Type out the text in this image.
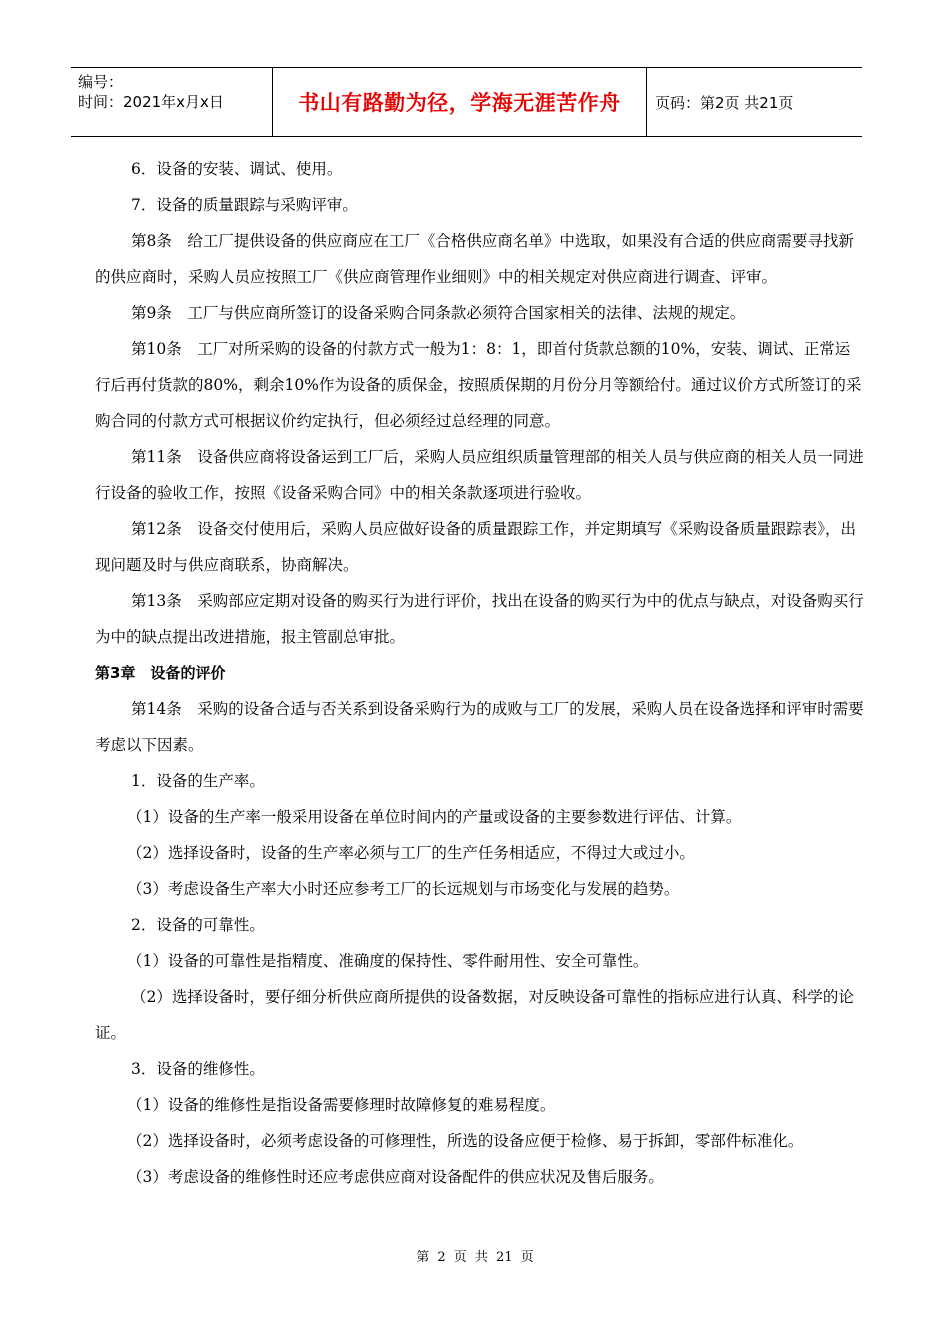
编号：
时间：2021年x月x日	书山有路勤为径，学海无涯苦作舟 页码：第2页 共21页

6．设备的安装、调试、使用。

7．设备的质量跟踪与采购评审。

第8条　给工厂提供设备的供应商应在工厂《合格供应商名单》中选取，如果没有合适的供应商需要寻找新的供应商时，采购人员应按照工厂《供应商管理作业细则》中的相关规定对供应商进行调查、评审。

第9条　工厂与供应商所签订的设备采购合同条款必须符合国家相关的法律、法规的规定。

第10条　工厂对所采购的设备的付款方式一般为1：8：1，即首付货款总额的10%，安装、调试、正常运行后再付货款的80%，剩余10%作为设备的质保金，按照质保期的月份分月等额给付。通过议价方式所签订的采购合同的付款方式可根据议价约定执行，但必须经过总经理的同意。

第11条　设备供应商将设备运到工厂后，采购人员应组织质量管理部的相关人员与供应商的相关人员一同进行设备的验收工作，按照《设备采购合同》中的相关条款逐项进行验收。

第12条　设备交付使用后，采购人员应做好设备的质量跟踪工作，并定期填写《采购设备质量跟踪表》，出现问题及时与供应商联系，协商解决。

第13条　采购部应定期对设备的购买行为进行评价，找出在设备的购买行为中的优点与缺点，对设备购买行为中的缺点提出改进措施，报主管副总审批。

第3章　设备的评价

第14条　采购的设备合适与否关系到设备采购行为的成败与工厂的发展，采购人员在设备选择和评审时需要考虑以下因素。

1．设备的生产率。

（1）设备的生产率一般采用设备在单位时间内的产量或设备的主要参数进行评估、计算。

（2）选择设备时，设备的生产率必须与工厂的生产任务相适应，不得过大或过小。

（3）考虑设备生产率大小时还应参考工厂的长远规划与市场变化与发展的趋势。

2．设备的可靠性。

（1）设备的可靠性是指精度、准确度的保持性、零件耐用性、安全可靠性。

（2）选择设备时，要仔细分析供应商所提供的设备数据，对反映设备可靠性的指标应进行认真、科学的论证。

3．设备的维修性。

（1）设备的维修性是指设备需要修理时故障修复的难易程度。

（2）选择设备时，必须考虑设备的可修理性，所选的设备应便于检修、易于拆卸，零部件标准化。

（3）考虑设备的维修性时还应考虑供应商对设备配件的供应状况及售后服务。

第 2 页 共 21 页
